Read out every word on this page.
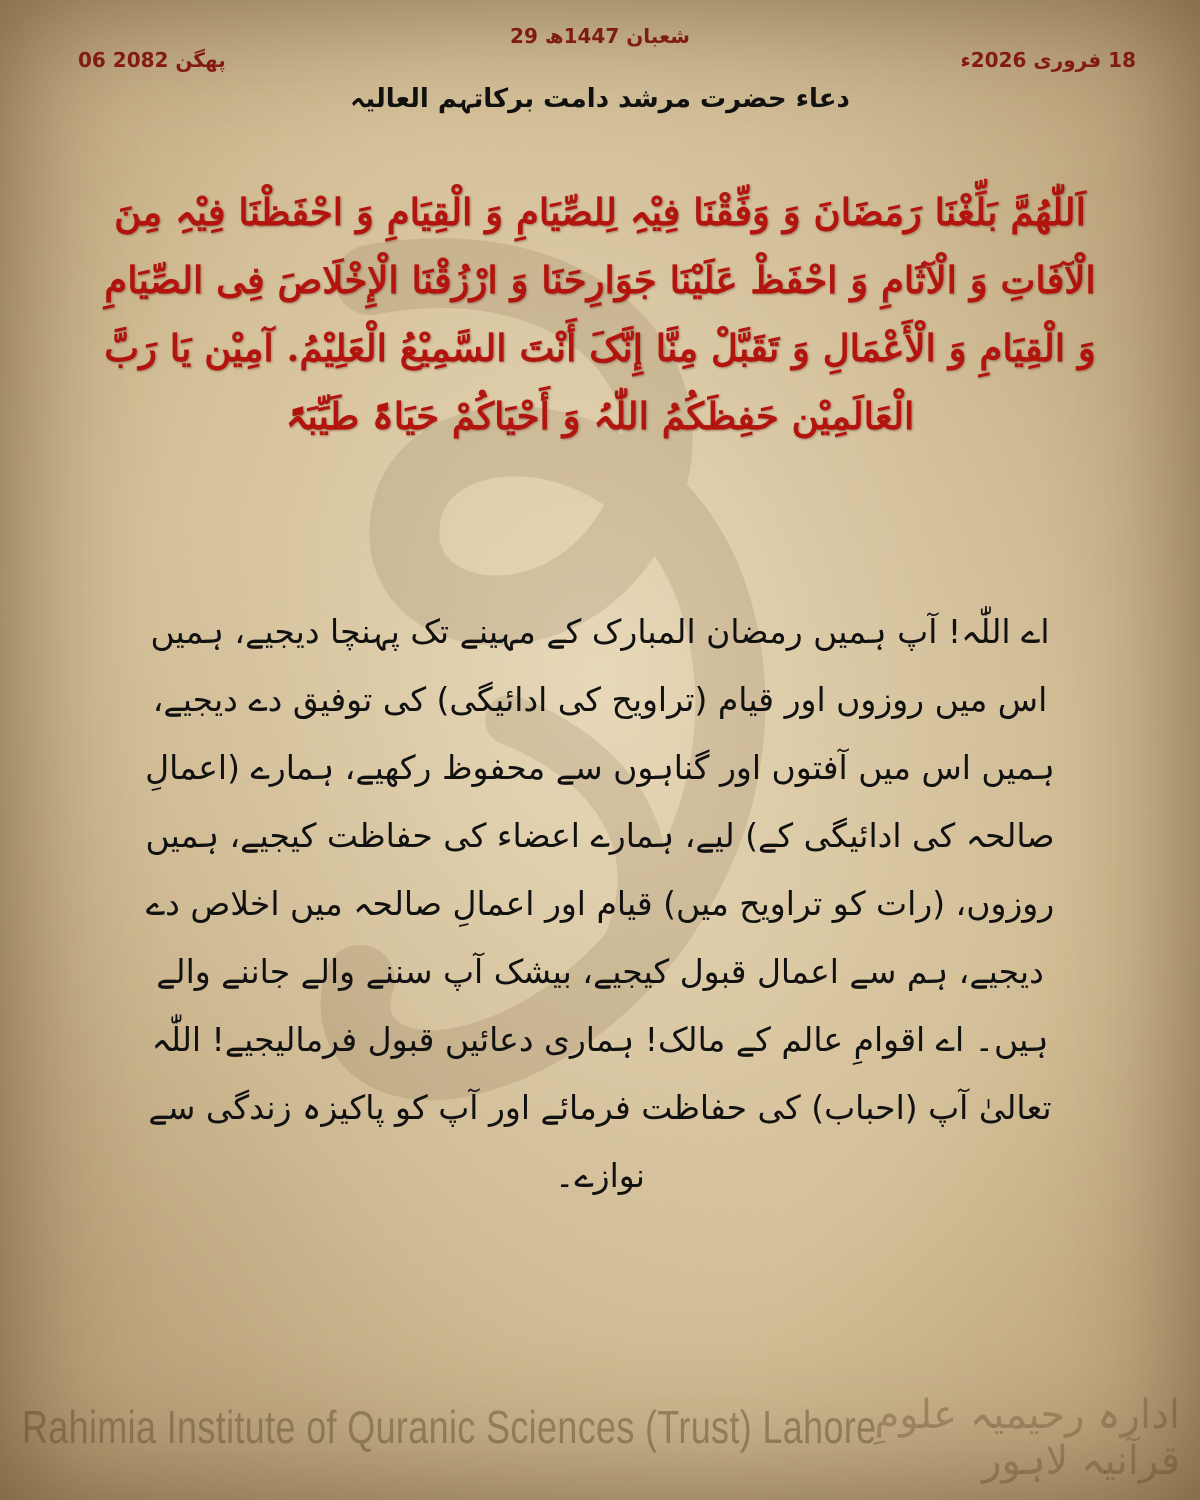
29 شعبان 1447ھ
06 پھگن 2082	18 فروری 2026ء
دعاء حضرت مرشد دامت برکاتہم العالیہ
اَللّٰھُمَّ بَلِّغْنَا رَمَضَانَ وَ وَفِّقْنَا فِیْہِ لِلصِّیَامِ وَ الْقِیَامِ وَ احْفَظْنَا فِیْہِ مِنَ الْآفَاتِ وَ الْآثَامِ وَ احْفَظْ عَلَیْنَا جَوَارِحَنَا وَ ارْزُقْنَا الْإِخْلَاصَ فِی الصِّیَامِ وَ الْقِیَامِ وَ الْأَعْمَالِ وَ تَقَبَّلْ مِنَّا إِنَّکَ أَنْتَ السَّمِیْعُ الْعَلِیْمُ. آمِیْن یَا رَبَّ الْعَالَمِیْن حَفِظَکُمُ اللّٰہُ وَ أَحْیَاکُمْ حَیَاۃً طَیِّبَۃً
اے اللّٰہ! آپ ہمیں رمضان المبارک کے مہینے تک پہنچا دیجیے، ہمیں اس میں روزوں اور قیام (تراویح کی ادائیگی) کی توفیق دے دیجیے، ہمیں اس میں آفتوں اور گناہوں سے محفوظ رکھیے، ہمارے (اعمالِ صالحہ کی ادائیگی کے) لیے، ہمارے اعضاء کی حفاظت کیجیے، ہمیں روزوں، (رات کو تراویح میں) قیام اور اعمالِ صالحہ میں اخلاص دے دیجیے، ہم سے اعمال قبول کیجیے، بیشک آپ سننے والے جاننے والے ہیں۔ اے اقوامِ عالم کے مالک! ہماری دعائیں قبول فرمالیجیے! اللّٰہ تعالیٰ آپ (احباب) کی حفاظت فرمائے اور آپ کو پاکیزہ زندگی سے نوازے۔
Rahimia Institute of Quranic Sciences (Trust) Lahore
ادارہ رحیمیہ علومِ قرآنیہ لاہور
